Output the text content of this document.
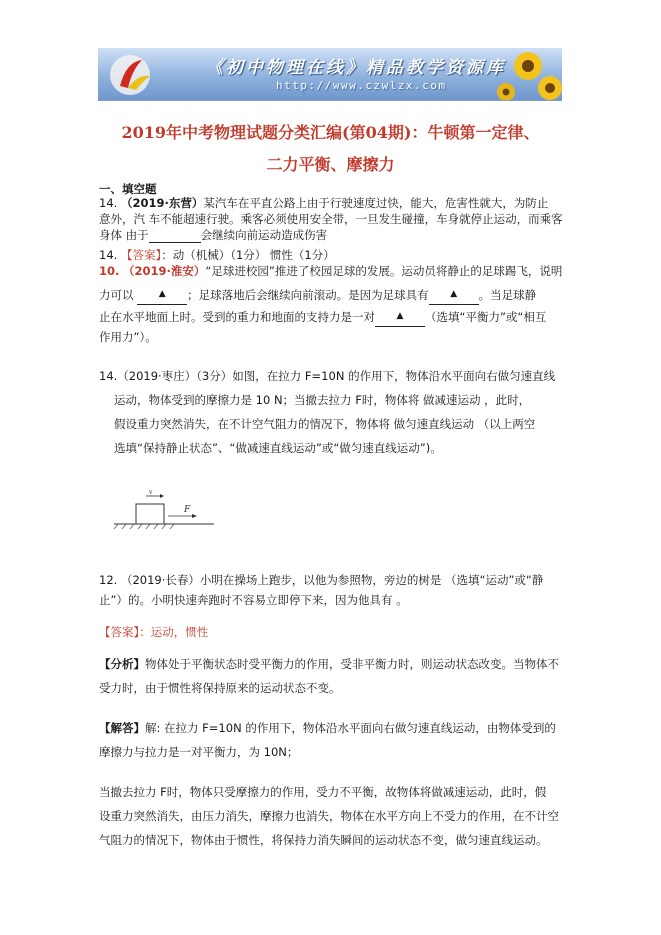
《初中物理在线》精品教学资源库
http://www.czwlzx.com
2019年中考物理试题分类汇编(第04期)：牛顿第一定律、
二力平衡、摩擦力
一、填空题
14. （2019·东营）某汽车在平直公路上由于行驶速度过快，能大，危害性就大，为防止
意外，汽 车不能超速行驶。乘客必须使用安全带，一旦发生碰撞，车身就停止运动，而乘客
身体 由于	会继续向前运动造成伤害
14. 【答案】：动（机械）（1分） 惯性（1分）
10. （2019·淮安）“足球进校园”推进了校园足球的发展。运动员将静止的足球踢飞，说明
力可以	▲ ；足球落地后会继续向前滚动。是因为足球具有 ▲ 。当足球静
止在水平地面上时。受到的重力和地面的支持力是一对 ▲ （选填“平衡力”或“相互
作用力”）。
14.（2019·枣庄）（3分）如图，在拉力 F=10N 的作用下，物体沿水平面向右做匀速直线
运动，物体受到的摩擦力是 10 N；当撤去拉力 F时，物体将 做减速运动 ，此时，
假设重力突然消失，在不计空气阻力的情况下，物体将 做匀速直线运动 （以上两空
选填“保持静止状态”、“做减速直线运动”或“做匀速直线运动”)。
v
F
12. （2019·长春）小明在操场上跑步，以他为参照物，旁边的树是 （选填“运动”或“静
止”）的。小明快速奔跑时不容易立即停下来，因为他具有 。
【答案】：运动，惯性
【分析】物体处于平衡状态时受平衡力的作用，受非平衡力时，则运动状态改变。当物体不
受力时，由于惯性将保持原来的运动状态不变。
【解答】解: 在拉力 F=10N 的作用下，物体沿水平面向右做匀速直线运动，由物体受到的
摩擦力与拉力是一对平衡力，为 10N；
当撤去拉力 F时，物体只受摩擦力的作用，受力不平衡，故物体将做减速运动，此时，假
设重力突然消失，由压力消失，摩擦力也消失，物体在水平方向上不受力的作用，在不计空
气阻力的情况下，物体由于惯性，将保持力消失瞬间的运动状态不变，做匀速直线运动。
